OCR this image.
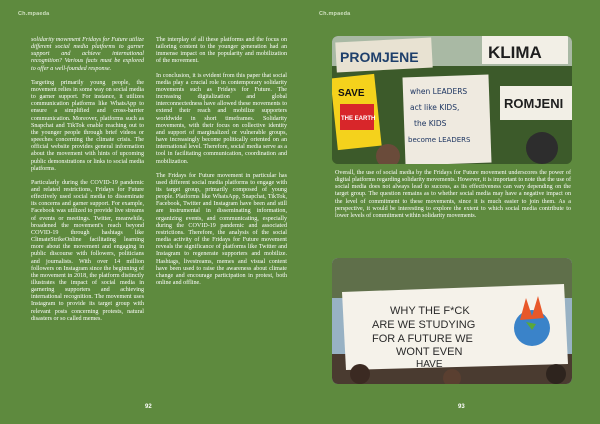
Ch.mpaeda	Ch.mpaeda

solidarity movement Fridays for Future utilize different social media platforms to garner support and achieve international recognition? Various facts must be explored to offer a well-founded response.

Targeting primarily young people, the movement relies in some way on social media to garner support. For instance, it utilizes communication platforms like WhatsApp to ensure a simplified and cross-barrier communication. Moreover, platforms such as Snapchat and TikTok enable reaching out to the younger people through brief videos or speeches concerning the climate crisis. The official website provides general information about the movement with hints of upcoming public demonstrations or links to social media platforms.

Particularly during the COVID-19 pandemic and related restrictions, Fridays for Future effectively used social media to disseminate its concerns and garner support. For example, Facebook was utilized to provide live streams of events or meetings. Twitter, meanwhile, broadened the movement's reach beyond COVID-19 through hashtags like ClimateStrikeOnline facilitating learning more about the movement and engaging in public discourse with followers, politicians and journalists. With over 14 million followers on Instagram since the beginning of the movement in 2018, the platform distinctly illustrates the impact of social media in garnering supporters and achieving international recognition. The movement uses Instagram to provide its target group with relevant posts concerning protests, natural disasters or so called memes.

The interplay of all these platforms and the focus on tailoring content to the younger generation had an immense impact on the popularity and mobilization of the movement.

In conclusion, it is evident from this paper that social media play a crucial role in contemporary solidarity movements such as Fridays for Future. The increasing digitalization and global interconnectedness have allowed these movements to extend their reach and mobilize supporters worldwide in short timeframes. Solidarity movements, with their focus on collective identity and support of marginalized or vulnerable groups, have increasingly become politically oriented on an international level. Therefore, social media serve as a tool in facilitating communication, coordination and mobilization.

The Fridays for Future movement in particular has used different social media platforms to engage with its target group, primarily composed of young people. Platforms like WhatsApp, Snapchat, TikTok, Facebook, Twitter and Instagram have been and still are instrumental in disseminating information, organizing events, and communicating, especially during the COVID-19 pandemic and associated restrictions. Therefore, the analysis of the social media activity of the Fridays for Future movement reveals the significance of platforms like Twitter and Instagram to regenerate supporters and mobilize. Hashtags, livestreams, memes and visual content have been used to raise the awareness about climate change and encourage participation in protest, both online and offline.

PROMJENE	KLIMA
ROMJENI
SAVE
THE EARTH
when LEADERS
act like KIDS,
the KIDS
become LEADERS

Overall, the use of social media by the Fridays for Future movement underscores the power of digital platforms regarding solidarity movements. However, it is important to note that the use of social media does not always lead to success, as its effectiveness can vary depending on the target group. The question remains as to whether social media may have a negative impact on the level of commitment to these movements, since it is much easier to join them. As a perspective, it would be interesting to explore the extent to which social media contribute to lower levels of commitment within solidarity movements.

WHY THE F*CK
ARE WE STUDYING
FOR A FUTURE WE
WONT EVEN
HAVE
92	93
